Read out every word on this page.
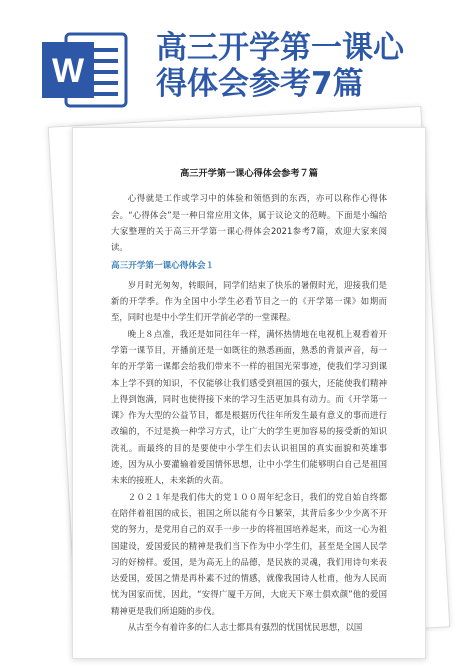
W
高三开学第一课心
得体会参考7篇
高三开学第一课心得体会参考７篇

心得就是工作或学习中的体验和领悟到的东西，亦可以称作心得体会。“心得体会”是一种日常应用文体，属于议论文的范畴。下面是小编给大家整理的关于高三开学第一课心得体会2021参考7篇，欢迎大家来阅读。

高三开学第一课心得体会１

岁月时光匆匆，转眼间，同学们结束了快乐的暑假时光，迎接我们是新的开学季。作为全国中小学生必看节目之一的《开学第一课》如期而至，同时也是中小学生们开学前必学的一堂课程。

晚上８点准，我还是如同往年一样，满怀热情地在电视机上观看着开学第一课节目，开播前还是一如既往的熟悉画面，熟悉的背景声音，每一年的开学第一课都会给我们带来不一样的祖国光荣事迹，使我们学习到课本上学不到的知识，不仅能够让我们感受到祖国的强大，还能使我们精神上得到饱满，同时也使得接下来的学习生活更加具有动力。而《开学第一课》作为大型的公益节目，都是根据历代往年所发生最有意义的事而进行改编的，不过是换一种学习方式，让广大的学生更加容易的接受新的知识洗礼。而最终的目的是要使中小学生们去认识祖国的真实面貌和英雄事迹，因为从小要灌输着爱国情怀思想，让中小学生们能够明白自己是祖国未来的接班人，未来新的火苗。

２０２１年是我们伟大的党１００周年纪念日，我们的党自始自终都在陪伴着祖国的成长，祖国之所以能有今日繁荣，其背后多少少少离不开党的努力，是党用自己的双手一步一步的将祖国培养起来，而这一心为祖国建设，爱国爱民的精神是我们当下作为中小学生们，甚至是全国人民学习的好榜样。爱国，是为高无上的品德，是民族的灵魂，我们用诗句来表达爱国，爱国之情是再朴素不过的情感，就像我国诗人杜甫，他为人民而忧为国家而忧，因此，“安得广厦千万间，大庇天下寒士俱欢颜”他的爱国精神更是我们所追随的步伐。

从古至今有着许多的仁人志士都具有强烈的忧国忧民思想，以国
